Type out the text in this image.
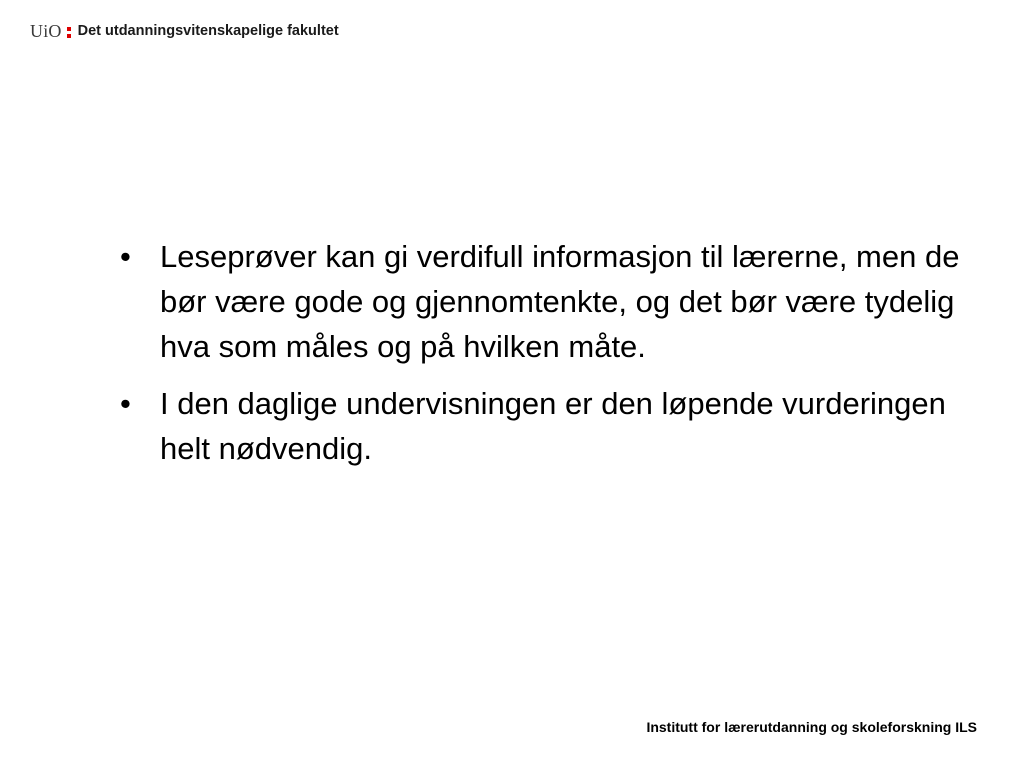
UiO Det utdanningsvitenskapelige fakultet
• Leseprøver kan gi verdifull informasjon til lærerne, men de bør være gode og gjennomtenkte, og det bør være tydelig hva som måles og på hvilken måte.
• I den daglige undervisningen er den løpende vurderingen helt nødvendig.
Institutt for lærerutdanning og skoleforskning ILS
